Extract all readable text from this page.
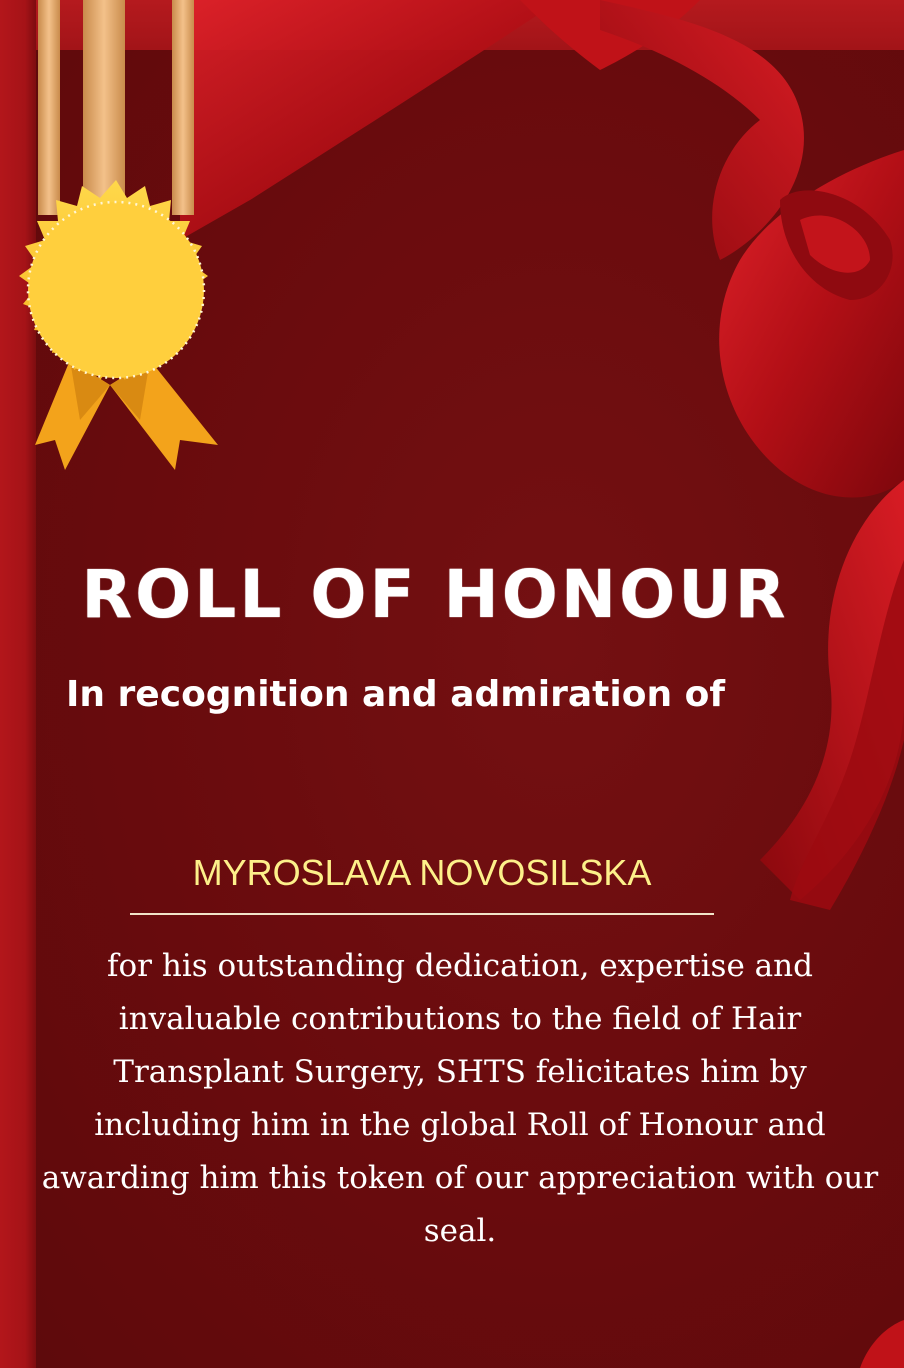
ROLL OF HONOUR
In recognition and admiration of
MYROSLAVA NOVOSILSKA
for his outstanding dedication, expertise and invaluable contributions to the field of Hair Transplant Surgery, SHTS felicitates him by including him in the global Roll of Honour and awarding him this token of our appreciation with our seal.
